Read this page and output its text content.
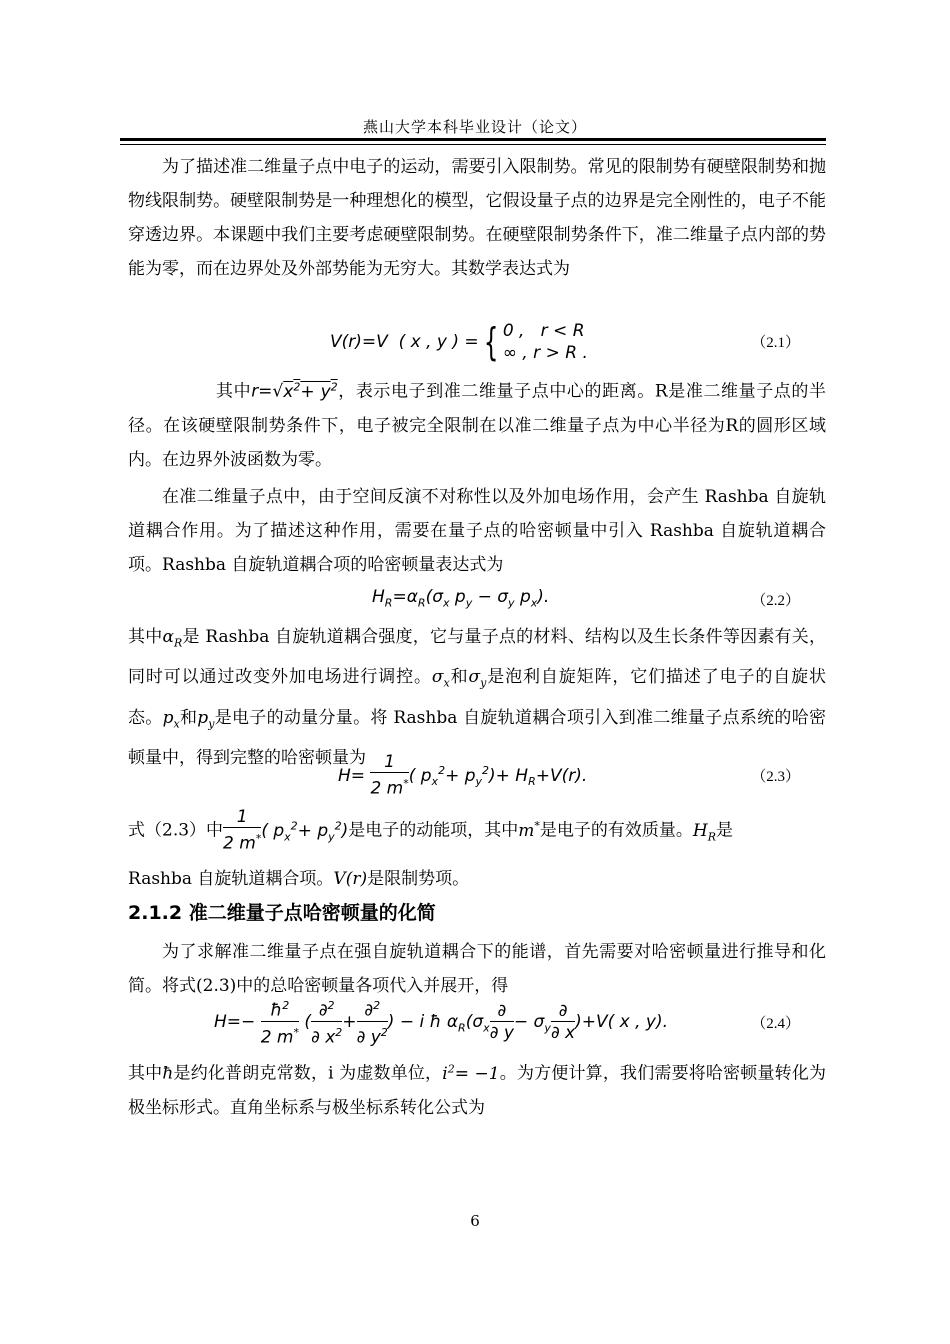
燕山大学本科毕业设计（论文）

为了描述准二维量子点中电子的运动，需要引入限制势。常见的限制势有硬壁限制势和抛物线限制势。硬壁限制势是一种理想化的模型，它假设量子点的边界是完全刚性的，电子不能穿透边界。本课题中我们主要考虑硬壁限制势。在硬壁限制势条件下，准二维量子点内部的势能为零，而在边界处及外部势能为无穷大。其数学表达式为

V(r)=V  ( x , y ) = { 0 ,   r < R
∞ , r > R .	（2.1）

其中$r=√x^2+ y^2$，表示电子到准二维量子点中心的距离。R是准二维量子点的半径。在该硬壁限制势条件下，电子被完全限制在以准二维量子点为中心半径为R的圆形区域内。在边界外波函数为零。

在准二维量子点中，由于空间反演不对称性以及外加电场作用，会产生 Rashba 自旋轨道耦合作用。为了描述这种作用，需要在量子点的哈密顿量中引入 Rashba 自旋轨道耦合项。Rashba 自旋轨道耦合项的哈密顿量表达式为

$H_R=\alpha_R(\sigma_x$ $p_y - \sigma_y$ $p_x$).	（2.2）

其中$\alpha_R$是 Rashba 自旋轨道耦合强度，它与量子点的材料、结构以及生长条件等因素有关，同时可以通过改变外加电场进行调控。$\sigma_x$和$\sigma_y$是泡利自旋矩阵，它们描述了电子的自旋状态。$p_x$和$p_y$是电子的动量分量。将 Rashba 自旋轨道耦合项引入到准二维量子点系统的哈密顿量中，得到完整的哈密顿量为

$H= \frac{1}{2 m^*}$ ( $p_x^2+ p_y^2)+ H_R+V(r)$.	（2.3）

式（2.3）中 $\frac{1}{2 m^*}$ ( $p_x^2+ p_y^2$)是电子的动能项，其中m*是电子的有效质量。$H_R$是
Rashba 自旋轨道耦合项。V(r)是限制势项。

2.1.2 准二维量子点哈密顿量的化简

为了求解准二维量子点在强自旋轨道耦合下的能谱，首先需要对哈密顿量进行推导和化简。将式(2.3)中的总哈密顿量各项代入并展开，得

$H=- \frac{ħ^2}{2 m^*}$ ( $\frac{\partial^2}{\partial x^2} + \frac{\partial^2}{\partial y^2}$ ) − i ħ $\alpha_R(\sigma_x \frac{\partial}{\partial y} - \sigma_y \frac{\partial}{\partial x} )+V$( x , y).	（2.4）

其中ħ是约化普朗克常数，i 为虚数单位，$i^2= -1$。为方便计算，我们需要将哈密顿量转化为极坐标形式。直角坐标系与极坐标系转化公式为

6
